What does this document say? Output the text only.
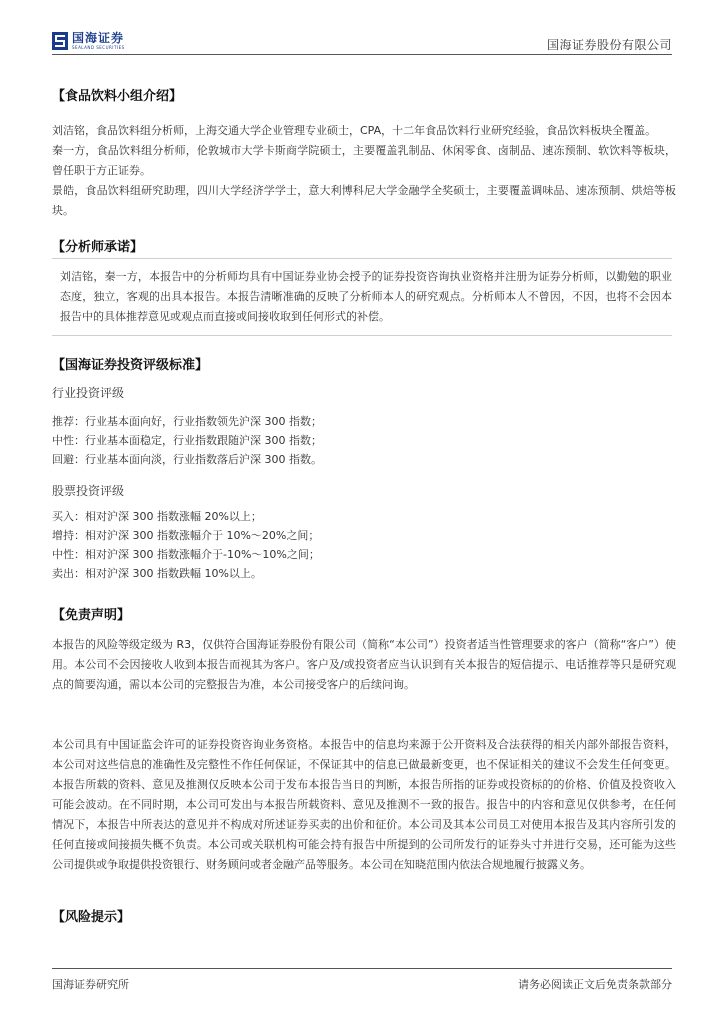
国海证券
SEALAND SECURITIES	国海证券股份有限公司
【食品饮料小组介绍】

刘洁铭，食品饮料组分析师，上海交通大学企业管理专业硕士，CPA，十二年食品饮料行业研究经验，食品饮料板块全覆盖。

秦一方，食品饮料组分析师，伦敦城市大学卡斯商学院硕士，主要覆盖乳制品、休闲零食、卤制品、速冻预制、软饮料等板块，曾任职于方正证券。

景皓，食品饮料组研究助理，四川大学经济学学士，意大利博科尼大学金融学全奖硕士，主要覆盖调味品、速冻预制、烘焙等板块。

【分析师承诺】
刘洁铭，秦一方，本报告中的分析师均具有中国证券业协会授予的证券投资咨询执业资格并注册为证券分析师，以勤勉的职业态度，独立，客观的出具本报告。本报告清晰准确的反映了分析师本人的研究观点。分析师本人不曾因，不因，也将不会因本报告中的具体推荐意见或观点而直接或间接收取到任何形式的补偿。
【国海证券投资评级标准】
行业投资评级
推荐：行业基本面向好，行业指数领先沪深 300 指数；
中性：行业基本面稳定，行业指数跟随沪深 300 指数；
回避：行业基本面向淡，行业指数落后沪深 300 指数。
股票投资评级
买入：相对沪深 300 指数涨幅 20%以上；
增持：相对沪深 300 指数涨幅介于 10%～20%之间；
中性：相对沪深 300 指数涨幅介于-10%～10%之间；
卖出：相对沪深 300 指数跌幅 10%以上。
【免责声明】
本报告的风险等级定级为 R3，仅供符合国海证券股份有限公司（简称“本公司”）投资者适当性管理要求的客户（简称“客户”）使用。本公司不会因接收人收到本报告而视其为客户。客户及/或投资者应当认识到有关本报告的短信提示、电话推荐等只是研究观点的简要沟通，需以本公司的完整报告为准，本公司接受客户的后续问询。
本公司具有中国证监会许可的证券投资咨询业务资格。本报告中的信息均来源于公开资料及合法获得的相关内部外部报告资料，本公司对这些信息的准确性及完整性不作任何保证，不保证其中的信息已做最新变更，也不保证相关的建议不会发生任何变更。本报告所载的资料、意见及推测仅反映本公司于发布本报告当日的判断，本报告所指的证券或投资标的的价格、价值及投资收入可能会波动。在不同时期，本公司可发出与本报告所载资料、意见及推测不一致的报告。报告中的内容和意见仅供参考，在任何情况下，本报告中所表达的意见并不构成对所述证券买卖的出价和征价。本公司及其本公司员工对使用本报告及其内容所引发的任何直接或间接损失概不负责。本公司或关联机构可能会持有报告中所提到的公司所发行的证券头寸并进行交易，还可能为这些公司提供或争取提供投资银行、财务顾问或者金融产品等服务。本公司在知晓范围内依法合规地履行披露义务。
【风险提示】
国海证券研究所	请务必阅读正文后免责条款部分
